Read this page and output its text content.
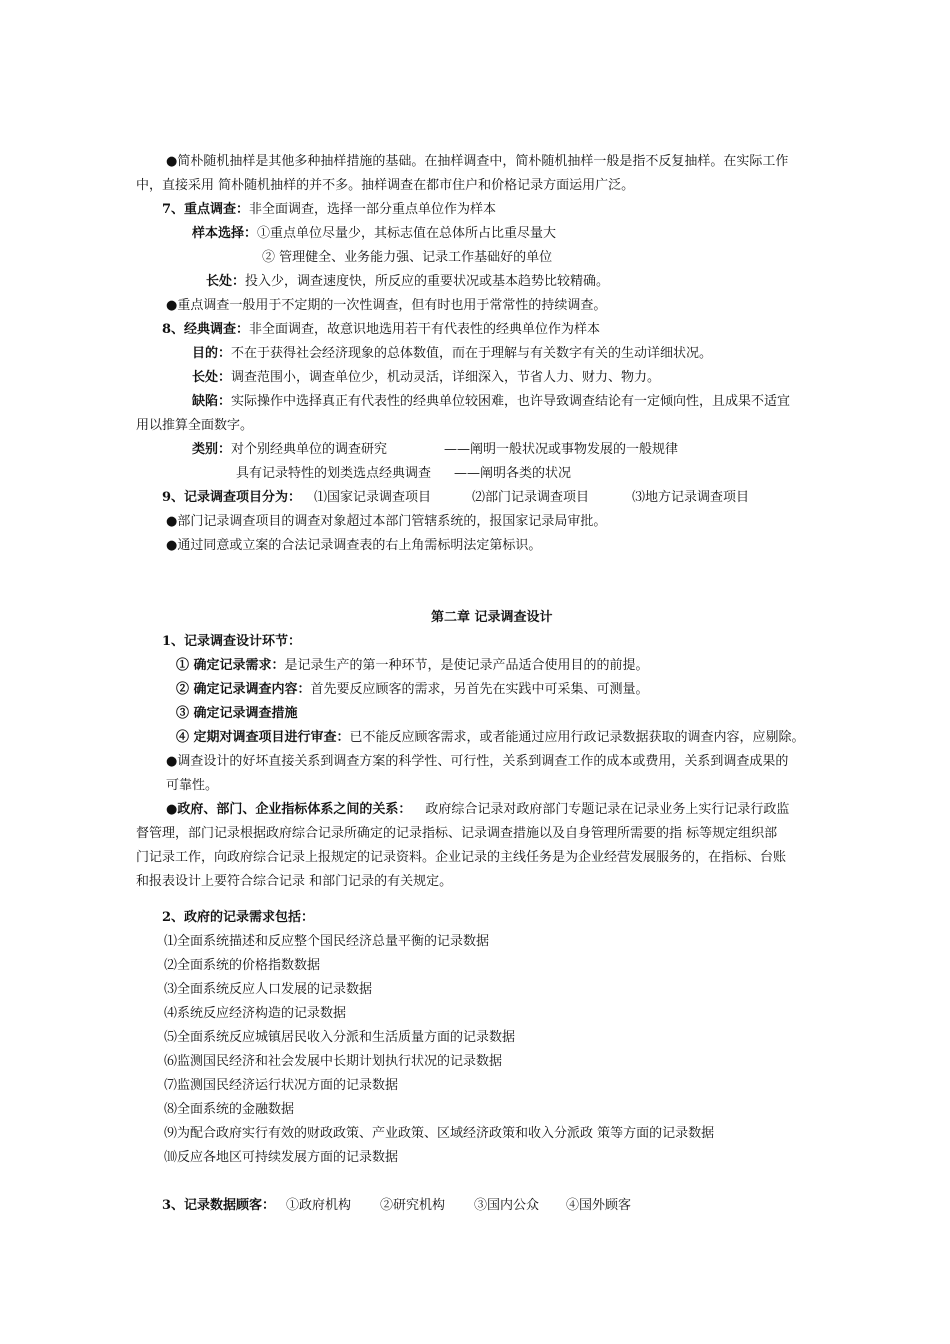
●简朴随机抽样是其他多种抽样措施的基础。在抽样调查中，简朴随机抽样一般是指不反复抽样。在实际工作
中，直接采用 简朴随机抽样的并不多。抽样调查在都市住户和价格记录方面运用广泛。
7、重点调查：非全面调查，选择一部分重点单位作为样本
样本选择：①重点单位尽量少，其标志值在总体所占比重尽量大
② 管理健全、业务能力强、记录工作基础好的单位
长处：投入少，调查速度快，所反应的重要状况或基本趋势比较精确。
●重点调查一般用于不定期的一次性调查，但有时也用于常常性的持续调查。
8、经典调查：非全面调查，故意识地选用若干有代表性的经典单位作为样本
目的：不在于获得社会经济现象的总体数值，而在于理解与有关数字有关的生动详细状况。
长处：调查范围小，调查单位少，机动灵活，详细深入，节省人力、财力、物力。
缺陷：实际操作中选择真正有代表性的经典单位较困难，也许导致调查结论有一定倾向性，且成果不适宜
用以推算全面数字。
类别：对个别经典单位的调查研究	——阐明一般状况或事物发展的一般规律
具有记录特性的划类选点经典调查 ——阐明各类的状况
9、记录调查项目分为： ⑴国家记录调查项目	⑵部门记录调查项目	⑶地方记录调查项目
●部门记录调查项目的调查对象超过本部门管辖系统的，报国家记录局审批。
●通过同意或立案的合法记录调查表的右上角需标明法定第标识。
第二章 记录调查设计
1、记录调查设计环节：
① 确定记录需求：是记录生产的第一种环节，是使记录产品适合使用目的的前提。
② 确定记录调查内容：首先要反应顾客的需求，另首先在实践中可采集、可测量。
③ 确定记录调查措施
④ 定期对调查项目进行审查：已不能反应顾客需求，或者能通过应用行政记录数据获取的调查内容，应剔除。
●调查设计的好坏直接关系到调查方案的科学性、可行性，关系到调查工作的成本或费用，关系到调查成果的
可靠性。
●政府、部门、企业指标体系之间的关系： 政府综合记录对政府部门专题记录在记录业务上实行记录行政监
督管理，部门记录根据政府综合记录所确定的记录指标、记录调查措施以及自身管理所需要的指 标等规定组织部
门记录工作，向政府综合记录上报规定的记录资料。企业记录的主线任务是为企业经营发展服务的，在指标、台账
和报表设计上要符合综合记录 和部门记录的有关规定。
2、政府的记录需求包括：
⑴全面系统描述和反应整个国民经济总量平衡的记录数据
⑵全面系统的价格指数数据
⑶全面系统反应人口发展的记录数据
⑷系统反应经济构造的记录数据
⑸全面系统反应城镇居民收入分派和生活质量方面的记录数据
⑹监测国民经济和社会发展中长期计划执行状况的记录数据
⑺监测国民经济运行状况方面的记录数据
⑻全面系统的金融数据
⑼为配合政府实行有效的财政政策、产业政策、区域经济政策和收入分派政 策等方面的记录数据
⑽反应各地区可持续发展方面的记录数据
3、记录数据顾客： ①政府机构 ②研究机构 ③国内公众 ④国外顾客
